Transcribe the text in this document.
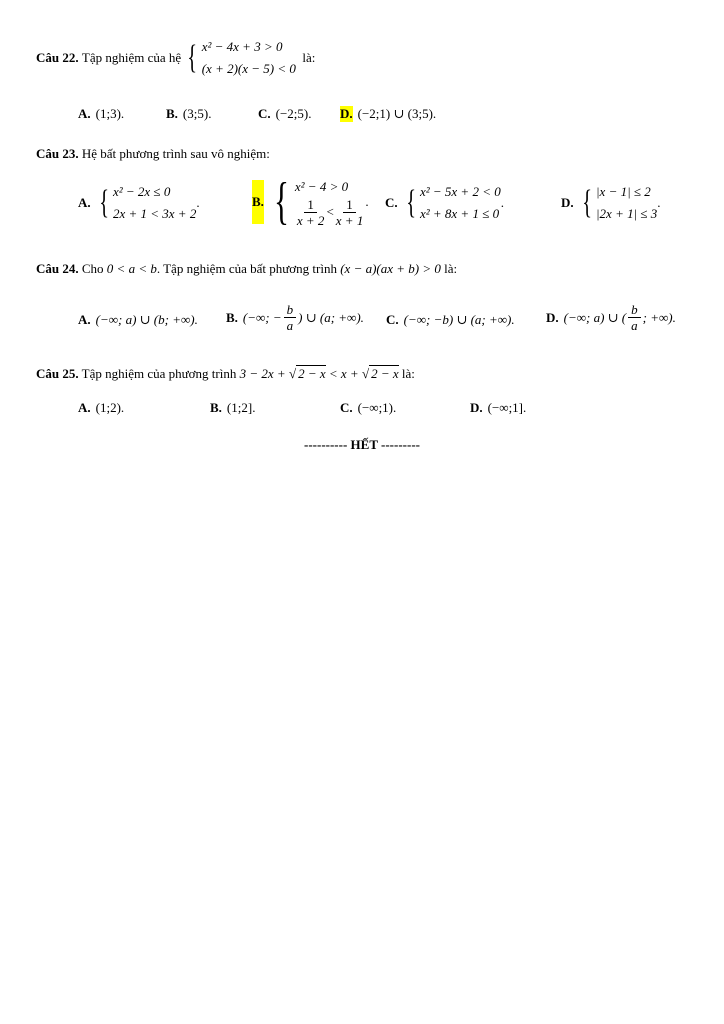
Câu 22.
Tập nghiệm của hệ
{ x² − 4x + 3 > 0
(x + 2)(x − 5) < 0

là:
A. (1;3).	B. (3;5).	C. (−2;5). D. (−2;1) ∪ (3;5).
Câu 23. Hệ bất phương trình sau vô nghiệm:
A. { x² − 2x ≤ 0
2x + 1 < 3x + 2
.	B. { x² − 4 > 0
$\frac{1}{x + 2} < \frac{1}{x + 1}$ . C. { x² − 5x + 2 < 0
x² + 8x + 1 ≤ 0
.	D. { |x − 1| ≤ 2
|2x + 1| ≤ 3
.
Câu 24. Cho 0 < a < b. Tập nghiệm của bất phương trình (x − a)(ax + b) > 0 là:
A. (−∞; a) ∪ (b; +∞). B. (−∞; − $\frac{b}{a}$ ) ∪ (a; +∞). C. (−∞; −b) ∪ (a; +∞). D. (−∞; a) ∪ ( $\frac{b}{a}$ ; +∞).
Câu 25. Tập nghiệm của phương trình 3 − 2x + √ 2 − x < x + √ 2 − x là:
A. (1;2).	B. (1;2].	C. (−∞;1).	D. (−∞;1].
---------- HẾT ---------
